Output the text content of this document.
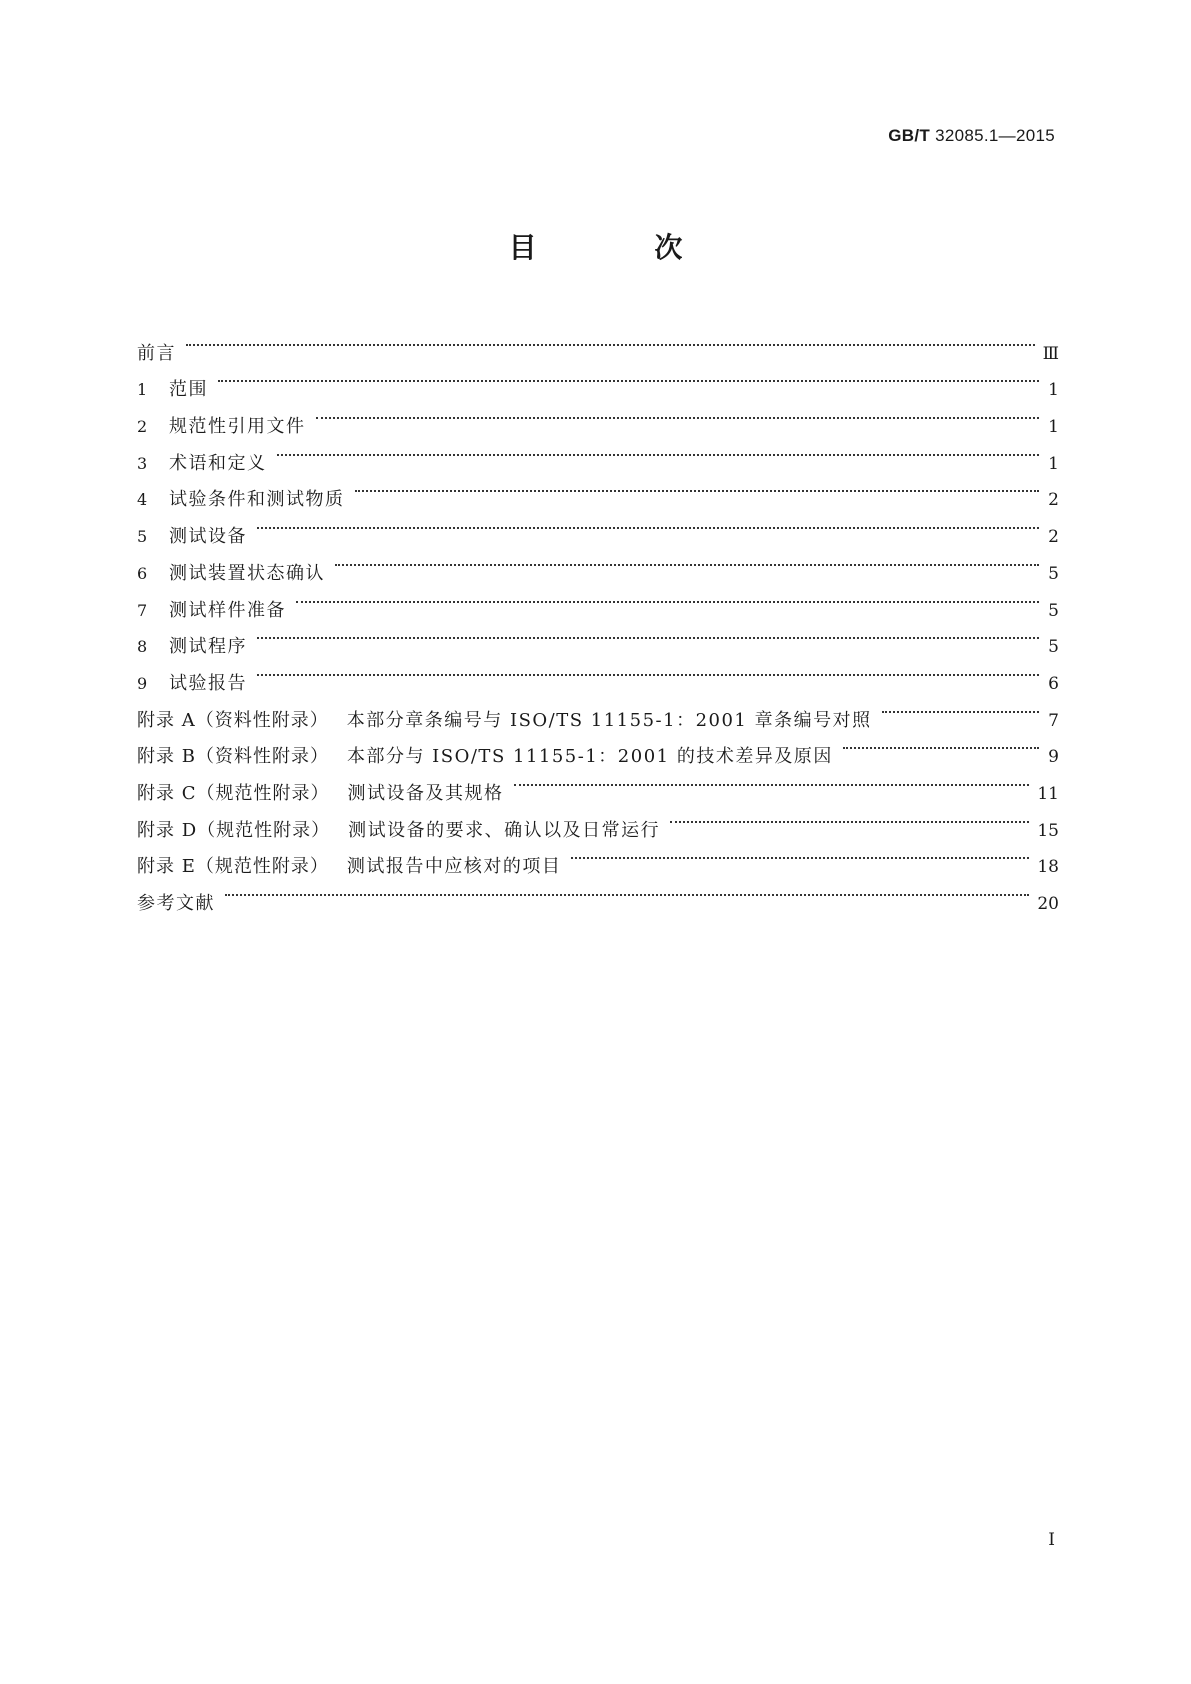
GB/T 32085.1—2015
目 次
前言	Ⅲ
1	范围	1
2	规范性引用文件	1
3	术语和定义	1
4	试验条件和测试物质	2
5	测试设备	2
6	测试装置状态确认	5
7	测试样件准备	5
8	测试程序	5
9	试验报告	6
附录 A（资料性附录） 本部分章条编号与 ISO/TS 11155-1：2001 章条编号对照	7
附录 B（资料性附录） 本部分与 ISO/TS 11155-1：2001 的技术差异及原因	9
附录 C（规范性附录） 测试设备及其规格	11
附录 D（规范性附录） 测试设备的要求、确认以及日常运行	15
附录 E（规范性附录） 测试报告中应核对的项目	18
参考文献	20
I
